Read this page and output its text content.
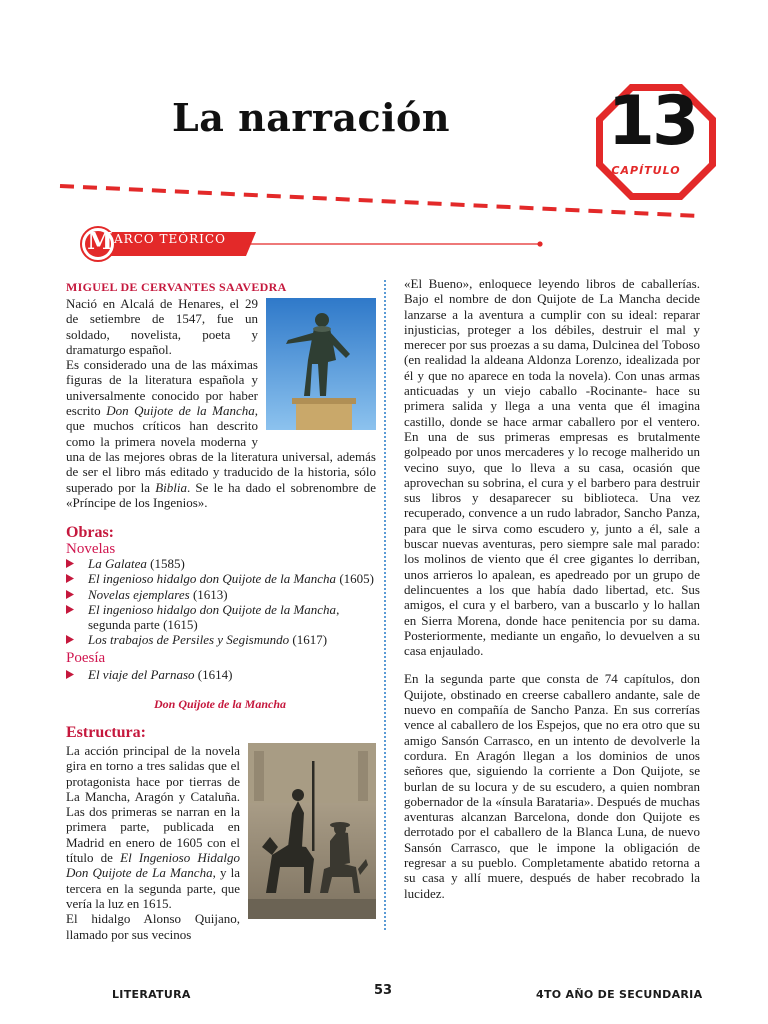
La narración 13
CAPÍTULO
M ARCO TEÓRICO
MIGUEL DE CERVANTES SAAVEDRA
Nació en Alcalá de Henares, el 29 de setiembre de 1547, fue un soldado, novelista, poeta y dramaturgo español.
Es considerado una de las máximas figuras de la literatura española y universalmente conocido por haber escrito Don Quijote de la Mancha, que muchos críticos han descrito como la primera novela moderna y una de las mejores obras de la literatura universal, además de ser el libro más editado y traducido de la historia, sólo superado por la Biblia. Se le ha dado el sobrenombre de «Príncipe de los Ingenios».
Obras:
Novelas
La Galatea (1585)
El ingenioso hidalgo don Quijote de la Mancha (1605)
Novelas ejemplares (1613)
El ingenioso hidalgo don Quijote de la Mancha, segunda parte (1615)
Los trabajos de Persiles y Segismundo (1617)
Poesía
El viaje del Parnaso (1614)
Don Quijote de la Mancha
Estructura:
La acción principal de la novela gira en torno a tres salidas que el protagonista hace por tierras de La Mancha, Aragón y Cataluña. Las dos primeras se narran en la primera parte, publicada en Madrid en enero de 1605 con el título de El Ingenioso Hidalgo Don Quijote de La Mancha, y la tercera en la segunda parte, que vería la luz en 1615.
El hidalgo Alonso Quijano, llamado por sus vecinos

«El Bueno», enloquece leyendo libros de caballerías. Bajo el nombre de don Quijote de La Mancha decide lanzarse a la aventura a cumplir con su ideal: reparar injusticias, proteger a los débiles, destruir el mal y merecer por sus proezas a su dama, Dulcinea del Toboso (en realidad la aldeana Aldonza Lorenzo, idealizada por él y que no aparece en toda la novela). Con unas armas anticuadas y un viejo caballo -Rocinante- hace su primera salida y llega a una venta que él imagina castillo, donde se hace armar caballero por el ventero. En una de sus primeras empresas es brutalmente golpeado por unos mercaderes y lo recoge malherido un vecino suyo, que lo lleva a su casa, ocasión que aprovechan su sobrina, el cura y el barbero para destruir sus libros y desaparecer su biblioteca. Una vez recuperado, convence a un rudo labrador, Sancho Panza, para que le sirva como escudero y, junto a él, sale a buscar nuevas aventuras, pero siempre sale mal parado: los molinos de viento que él cree gigantes lo derriban, unos arrieros lo apalean, es apedreado por un grupo de delincuentes a los que había dado libertad, etc. Sus amigos, el cura y el barbero, van a buscarlo y lo hallan en Sierra Morena, donde hace penitencia por su dama. Posteriormente, mediante un engaño, lo devuelven a su casa enjaulado.

En la segunda parte que consta de 74 capítulos, don Quijote, obstinado en creerse caballero andante, sale de nuevo en compañía de Sancho Panza. En sus correrías vence al caballero de los Espejos, que no era otro que su amigo Sansón Carrasco, en un intento de devolverle la cordura. En Aragón llegan a los dominios de unos señores que, siguiendo la corriente a Don Quijote, se burlan de su locura y de su escudero, a quien nombran gobernador de la «ínsula Barataria». Después de muchas aventuras alcanzan Barcelona, donde don Quijote es derrotado por el caballero de la Blanca Luna, de nuevo Sansón Carrasco, que le impone la obligación de regresar a su pueblo. Completamente abatido retorna a su casa y allí muere, después de haber recobrado la lucidez.

LITERATURA	53	4TO AÑO DE SECUNDARIA
